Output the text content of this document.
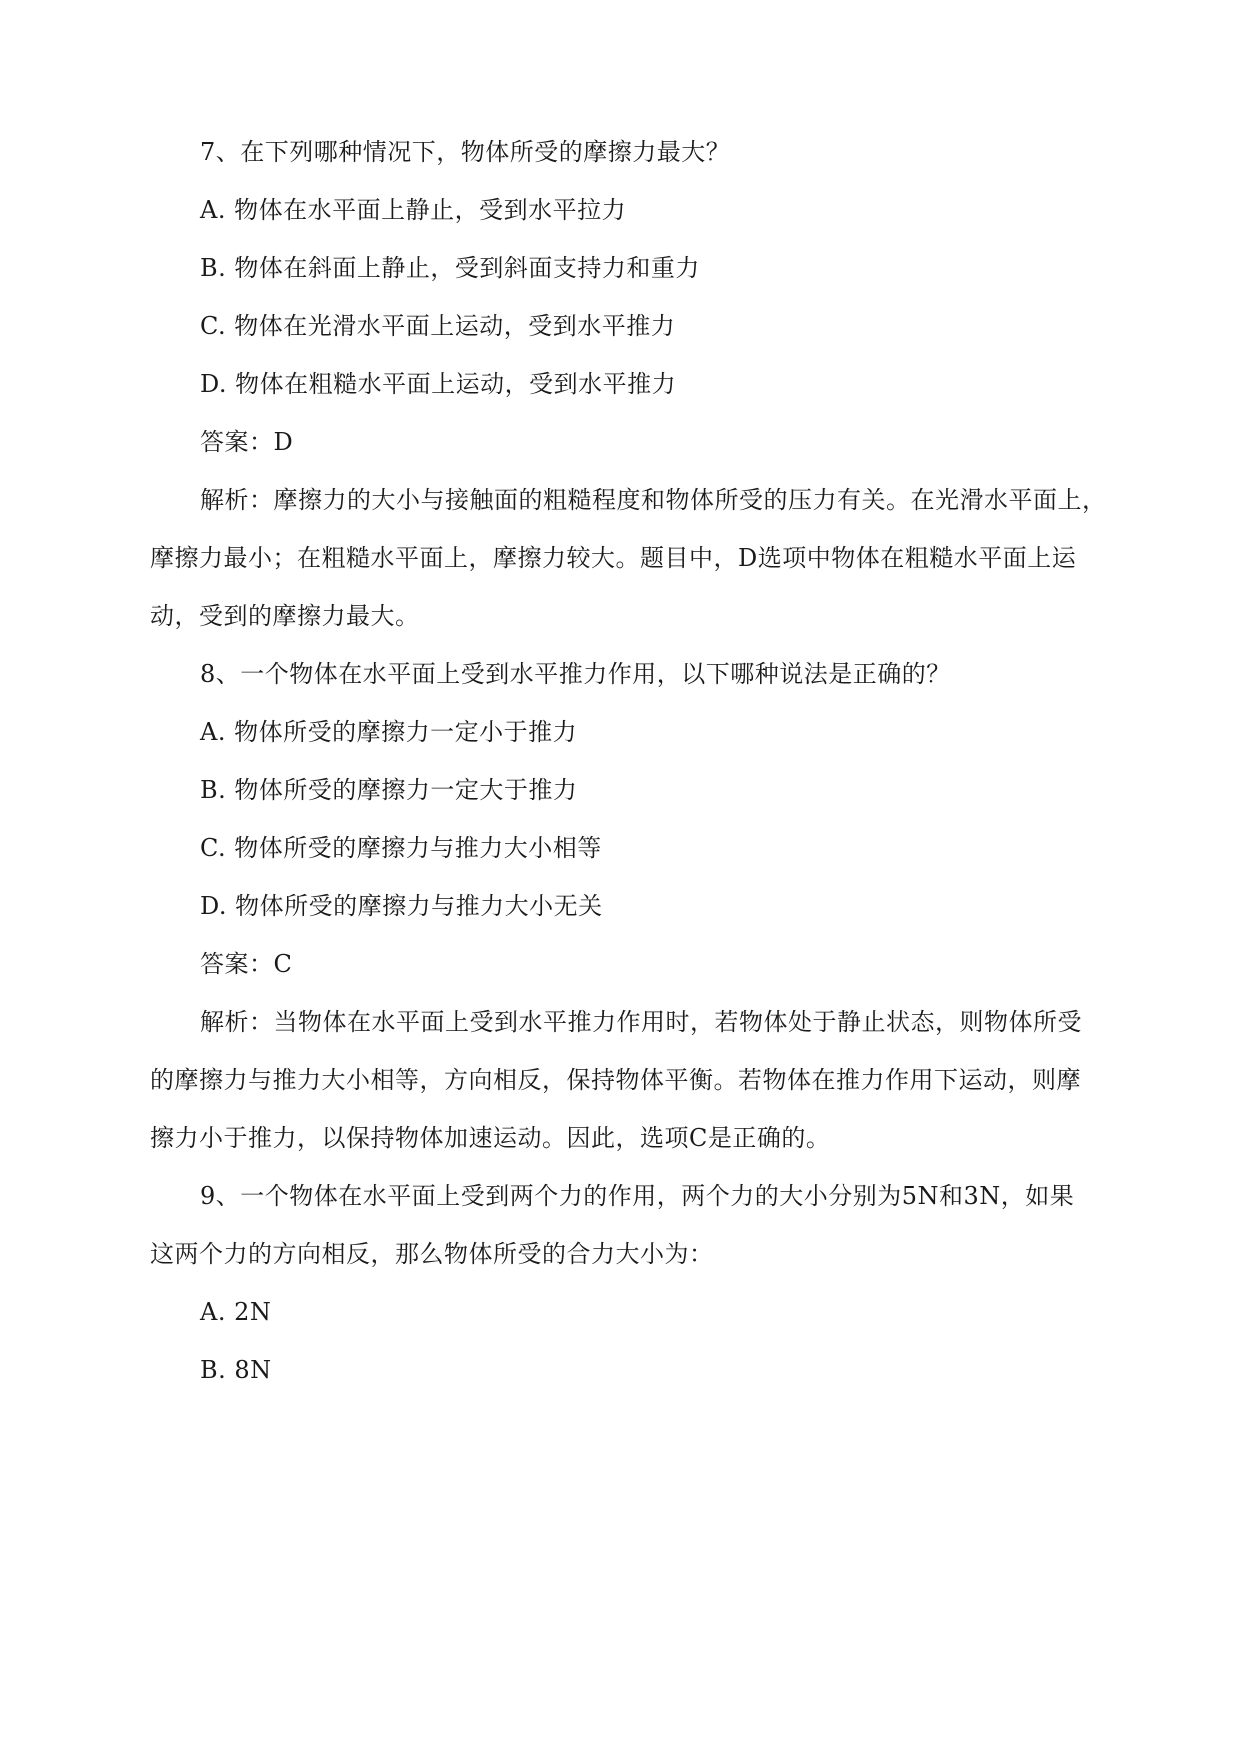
7、在下列哪种情况下，物体所受的摩擦力最大？
A. 物体在水平面上静止，受到水平拉力
B. 物体在斜面上静止，受到斜面支持力和重力
C. 物体在光滑水平面上运动，受到水平推力
D. 物体在粗糙水平面上运动，受到水平推力
答案：D
解析：摩擦力的大小与接触面的粗糙程度和物体所受的压力有关。在光滑水平面上，
摩擦力最小；在粗糙水平面上，摩擦力较大。题目中，D选项中物体在粗糙水平面上运
动，受到的摩擦力最大。
8、一个物体在水平面上受到水平推力作用，以下哪种说法是正确的？
A. 物体所受的摩擦力一定小于推力
B. 物体所受的摩擦力一定大于推力
C. 物体所受的摩擦力与推力大小相等
D. 物体所受的摩擦力与推力大小无关
答案：C
解析：当物体在水平面上受到水平推力作用时，若物体处于静止状态，则物体所受
的摩擦力与推力大小相等，方向相反，保持物体平衡。若物体在推力作用下运动，则摩
擦力小于推力，以保持物体加速运动。因此，选项C是正确的。
9、一个物体在水平面上受到两个力的作用，两个力的大小分别为5N和3N，如果
这两个力的方向相反，那么物体所受的合力大小为：
A. 2N
B. 8N
